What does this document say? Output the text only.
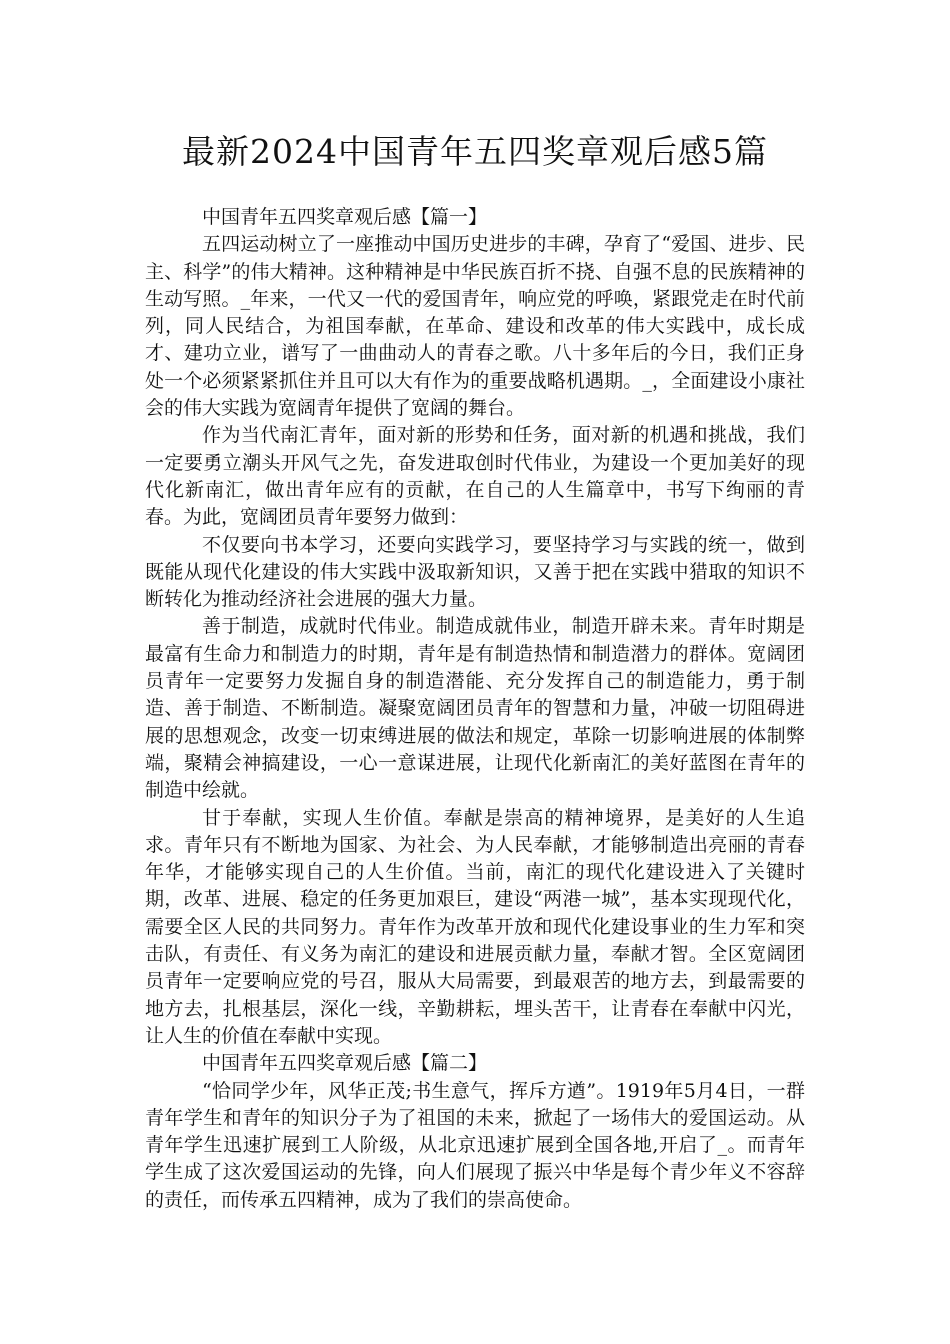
最新2024中国青年五四奖章观后感5篇

中国青年五四奖章观后感【篇一】

五四运动树立了一座推动中国历史进步的丰碑，孕育了“爱国、进步、民主、科学”的伟大精神。这种精神是中华民族百折不挠、自强不息的民族精神的生动写照。_年来，一代又一代的爱国青年，响应党的呼唤，紧跟党走在时代前列，同人民结合，为祖国奉献，在革命、建设和改革的伟大实践中，成长成才、建功立业，谱写了一曲曲动人的青春之歌。八十多年后的今日，我们正身处一个必须紧紧抓住并且可以大有作为的重要战略机遇期。_，全面建设小康社会的伟大实践为宽阔青年提供了宽阔的舞台。

作为当代南汇青年，面对新的形势和任务，面对新的机遇和挑战，我们一定要勇立潮头开风气之先，奋发进取创时代伟业，为建设一个更加美好的现代化新南汇，做出青年应有的贡献，在自己的人生篇章中，书写下绚丽的青春。为此，宽阔团员青年要努力做到：

不仅要向书本学习，还要向实践学习，要坚持学习与实践的统一，做到既能从现代化建设的伟大实践中汲取新知识，又善于把在实践中猎取的知识不断转化为推动经济社会进展的强大力量。

善于制造，成就时代伟业。制造成就伟业，制造开辟未来。青年时期是最富有生命力和制造力的时期，青年是有制造热情和制造潜力的群体。宽阔团员青年一定要努力发掘自身的制造潜能、充分发挥自己的制造能力，勇于制造、善于制造、不断制造。凝聚宽阔团员青年的智慧和力量，冲破一切阻碍进展的思想观念，改变一切束缚进展的做法和规定，革除一切影响进展的体制弊端，聚精会神搞建设，一心一意谋进展，让现代化新南汇的美好蓝图在青年的制造中绘就。

甘于奉献，实现人生价值。奉献是崇高的精神境界，是美好的人生追求。青年只有不断地为国家、为社会、为人民奉献，才能够制造出亮丽的青春年华，才能够实现自己的人生价值。当前，南汇的现代化建设进入了关键时期，改革、进展、稳定的任务更加艰巨，建设“两港一城”，基本实现现代化，需要全区人民的共同努力。青年作为改革开放和现代化建设事业的生力军和突击队，有责任、有义务为南汇的建设和进展贡献力量，奉献才智。全区宽阔团员青年一定要响应党的号召，服从大局需要，到最艰苦的地方去，到最需要的地方去，扎根基层，深化一线，辛勤耕耘，埋头苦干，让青春在奉献中闪光，让人生的价值在奉献中实现。

中国青年五四奖章观后感【篇二】

“恰同学少年，风华正茂;书生意气，挥斥方遒”。1919年5月4日，一群青年学生和青年的知识分子为了祖国的未来，掀起了一场伟大的爱国运动。从青年学生迅速扩展到工人阶级，从北京迅速扩展到全国各地,开启了_。而青年学生成了这次爱国运动的先锋，向人们展现了振兴中华是每个青少年义不容辞的责任，而传承五四精神，成为了我们的崇高使命。
